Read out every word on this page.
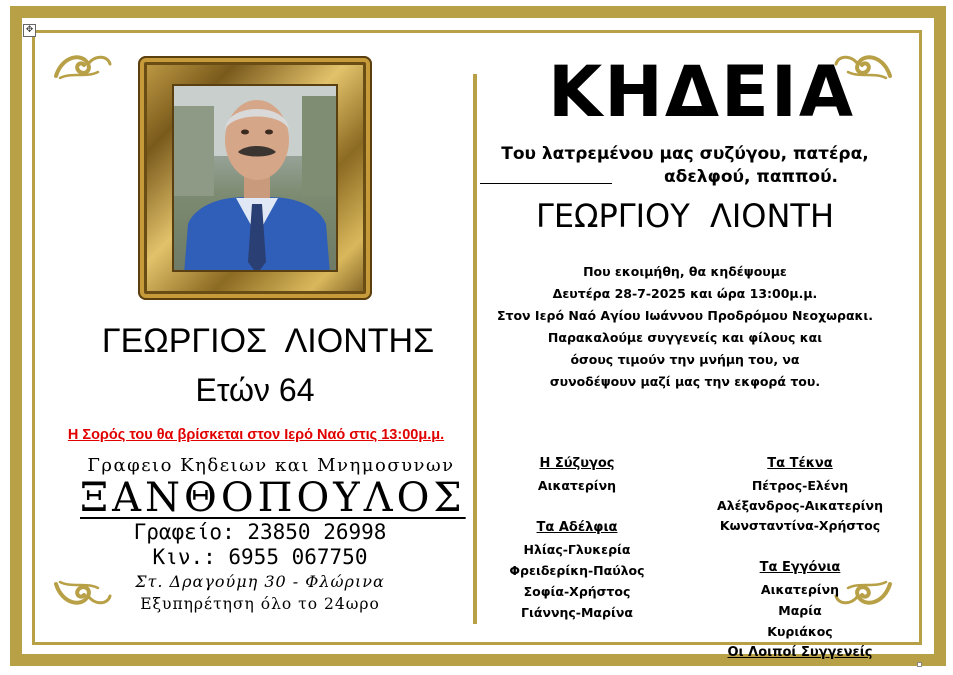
✥
ΓΕΩΡΓΙΟΣ ΛΙΟΝΤΗΣ
Ετών 64
Η Σορός του θα βρίσκεται στον Ιερό Ναό στις 13:00μ.μ.
Γραφειο Κηδειων και Μνημοσυνων
ΞΑΝΘΟΠΟΥΛΟΣ
Γραφείο: 23850 26998
Κιν.: 6955 067750
Στ. Δραγούμη 30 - Φλώρινα
Εξυπηρέτηση όλο το 24ωρο
ΚΗΔΕΙΑ
Του λατρεμένου μας συζύγου, πατέρα,
αδελφού, παππού.
ΓΕΩΡΓΙΟΥ ΛΙΟΝΤΗ
Που εκοιμήθη, θα κηδέψουμε
Δευτέρα 28-7-2025 και ώρα 13:00μ.μ.
Στον Ιερό Ναό Αγίου Ιωάννου Προδρόμου Νεοχωρακι.
Παρακαλούμε συγγενείς και φίλους και
όσους τιμούν την μνήμη του, να
συνοδέψουν μαζί μας την εκφορά του.
Η Σύζυγος
Αικατερίνη
Τα Αδέλφια
Ηλίας-Γλυκερία
Φρειδερίκη-Παύλος
Σοφία-Χρήστος
Γιάννης-Μαρίνα
Τα Τέκνα
Πέτρος-Ελένη
Αλέξανδρος-Αικατερίνη
Κωνσταντίνα-Χρήστος
Τα Εγγόνια
Αικατερίνη
Μαρία
Κυριάκος
Οι Λοιποί Συγγενείς
